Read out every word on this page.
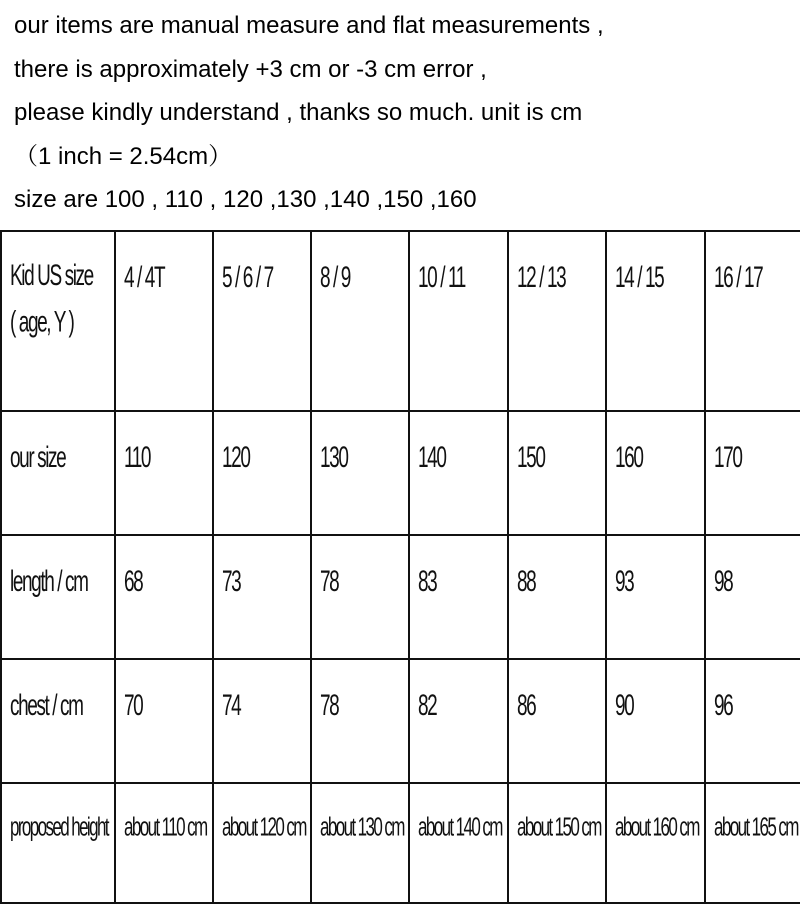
our items are manual measure and flat measurements ,
there is approximately +3 cm or -3 cm error ,
please kindly understand , thanks so much. unit is cm
（1 inch = 2.54cm）
size are 100 , 110 , 120 ,130 ,140 ,150 ,160
Kid US size
( age, Y )	4 / 4T	5 / 6 / 7	8 / 9	10 / 11	12 / 13	14 / 15	16 / 17
our size	110	120	130	140	150	160	170
length / cm	68	73	78	83	88	93	98
chest / cm	70	74	78	82	86	90	96
proposed height	about 110 cm	about 120 cm	about 130 cm	about 140 cm	about 150 cm	about 160 cm	about 165 cm
